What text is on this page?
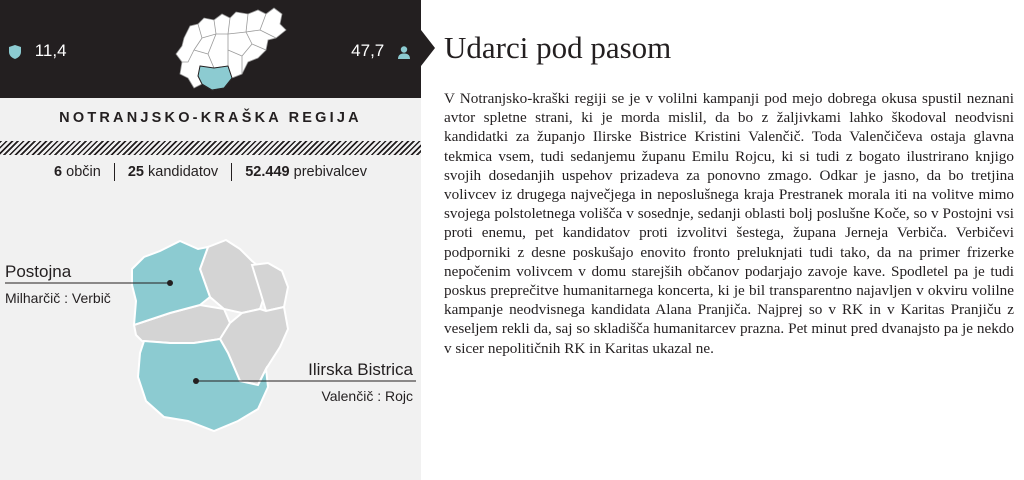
11,4	47,7
NOTRANJSKO-KRAŠKA REGIJA
6 občin 25 kandidatov 52.449 prebivalcev
Postojna
Milharčič : Verbič
Ilirska Bistrica
Valenčič : Rojc
Udarci pod pasom

V Notranjsko-kraški regiji se je v volilni kampanji pod mejo dobrega okusa spustil neznani avtor spletne strani, ki je morda mislil, da bo z žaljivkami lahko škodoval neodvisni kandidatki za županjo Ilirske Bistrice Kristini Valenčič. Toda Valenčičeva ostaja glavna tekmica vsem, tudi sedanjemu županu Emilu Rojcu, ki si tudi z bogato ilustrirano knjigo svojih dosedanjih uspehov prizadeva za ponovno zmago. Odkar je jasno, da bo tretjina volivcev iz drugega največjega in neposlušnega kraja Prestranek morala iti na volitve mimo svojega polstoletnega volišča v sosednje, sedanji oblasti bolj poslušne Koče, so v Postojni vsi proti enemu, pet kandidatov proti izvolitvi šestega, župana Jerneja Verbiča. Verbičevi podporniki z desne poskušajo enovito fronto preluknjati tudi tako, da na primer frizerke nepočenim volivcem v domu starejših občanov podarjajo zavoje kave. Spodletel pa je tudi poskus preprečitve humanitarnega koncerta, ki je bil transparentno najavljen v okviru volilne kampanje neodvisnega kandidata Alana Pranjiča. Najprej so v RK in v Karitas Pranjiču z veseljem rekli da, saj so skladišča humanitarcev prazna. Pet minut pred dvanajsto pa je nekdo v sicer nepolitičnih RK in Karitas ukazal ne.
